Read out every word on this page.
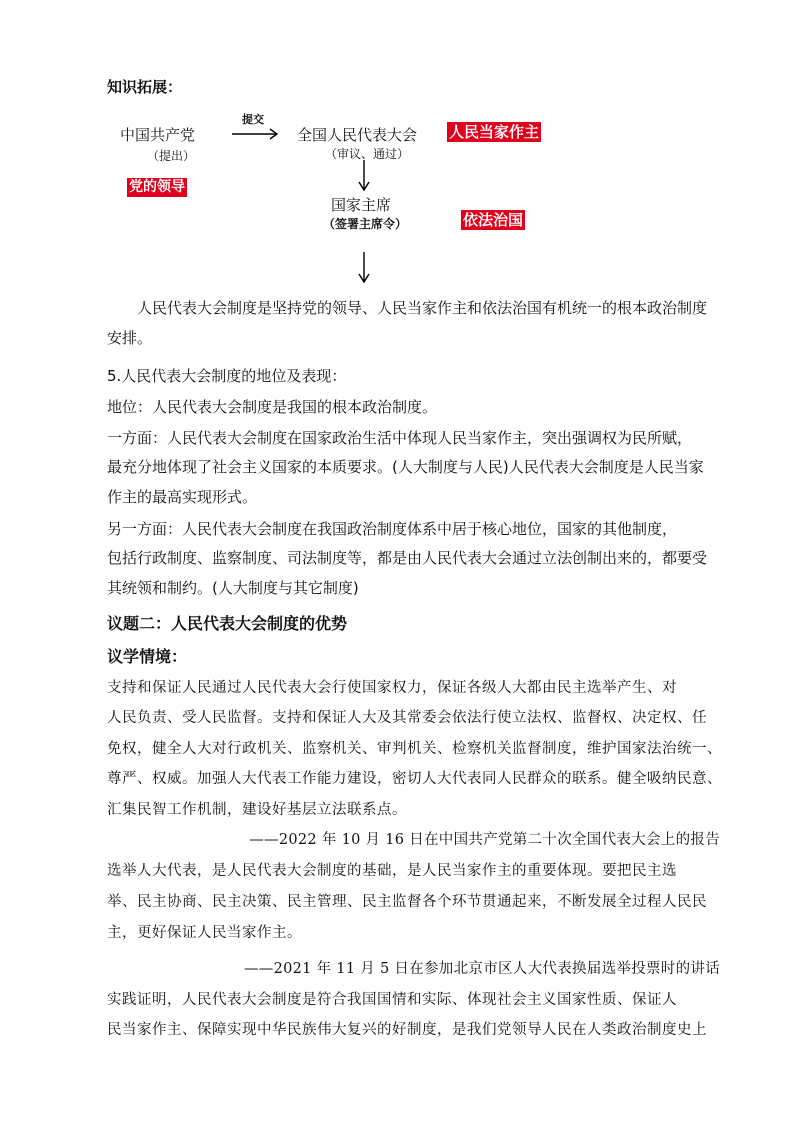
知识拓展：
中国共产党
（提出）
提交
全国人民代表大会
（审议、通过）
人民当家作主
党的领导
国家主席
（签署主席令）	依法治国
人民代表大会制度是坚持党的领导、人民当家作主和依法治国有机统一的根本政治制度
安排。
5.人民代表大会制度的地位及表现：
地位：人民代表大会制度是我国的根本政治制度。
一方面：人民代表大会制度在国家政治生活中体现人民当家作主，突出强调权为民所赋，
最充分地体现了社会主义国家的本质要求。(人大制度与人民)人民代表大会制度是人民当家
作主的最高实现形式。
另一方面：人民代表大会制度在我国政治制度体系中居于核心地位，国家的其他制度，
包括行政制度、监察制度、司法制度等，都是由人民代表大会通过立法创制出来的，都要受
其统领和制约。(人大制度与其它制度)
议题二：人民代表大会制度的优势
议学情境：
支持和保证人民通过人民代表大会行使国家权力，保证各级人大都由民主选举产生、对
人民负责、受人民监督。支持和保证人大及其常委会依法行使立法权、监督权、决定权、任
免权，健全人大对行政机关、监察机关、审判机关、检察机关监督制度，维护国家法治统一、
尊严、权威。加强人大代表工作能力建设，密切人大代表同人民群众的联系。健全吸纳民意、
汇集民智工作机制，建设好基层立法联系点。
——2022 年 10 月 16 日在中国共产党第二十次全国代表大会上的报告
选举人大代表，是人民代表大会制度的基础，是人民当家作主的重要体现。要把民主选
举、民主协商、民主决策、民主管理、民主监督各个环节贯通起来，不断发展全过程人民民
主，更好保证人民当家作主。
——2021 年 11 月 5 日在参加北京市区人大代表换届选举投票时的讲话
实践证明，人民代表大会制度是符合我国国情和实际、体现社会主义国家性质、保证人
民当家作主、保障实现中华民族伟大复兴的好制度，是我们党领导人民在人类政治制度史上
